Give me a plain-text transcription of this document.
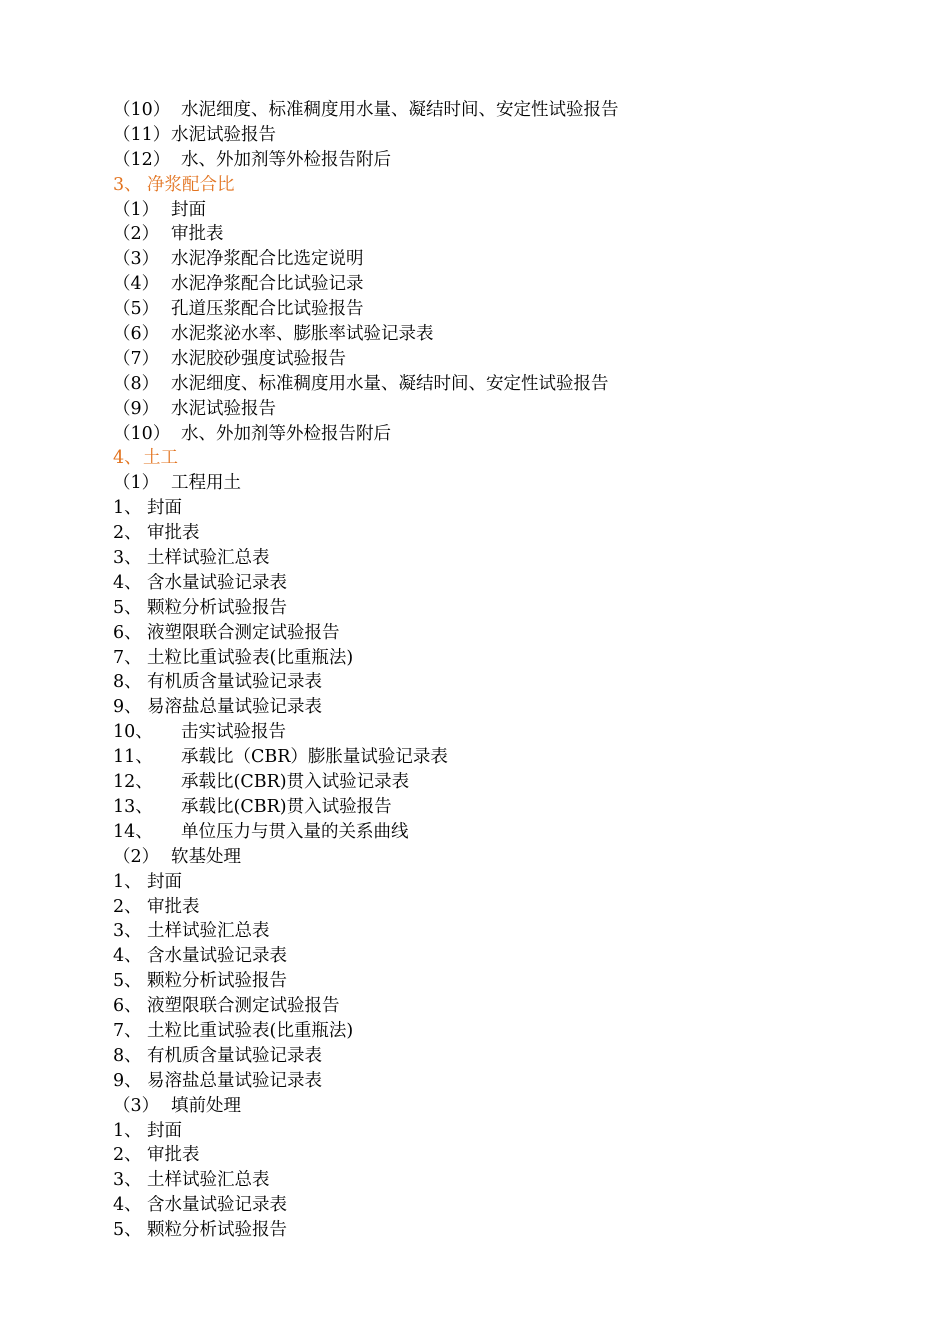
（10） 水泥细度、标准稠度用水量、凝结时间、安定性试验报告
（11） 水泥试验报告
（12） 水、外加剂等外检报告附后
3、 净浆配合比
（1） 封面
（2） 审批表
（3） 水泥净浆配合比选定说明
（4） 水泥净浆配合比试验记录
（5） 孔道压浆配合比试验报告
（6） 水泥浆泌水率、膨胀率试验记录表
（7） 水泥胶砂强度试验报告
（8） 水泥细度、标准稠度用水量、凝结时间、安定性试验报告
（9） 水泥试验报告
（10） 水、外加剂等外检报告附后
4、 土工
（1） 工程用土
1、 封面
2、 审批表
3、 土样试验汇总表
4、 含水量试验记录表
5、 颗粒分析试验报告
6、 液塑限联合测定试验报告
7、 土粒比重试验表(比重瓶法)
8、 有机质含量试验记录表
9、 易溶盐总量试验记录表
10、	击实试验报告
11、	承载比（CBR）膨胀量试验记录表
12、	承载比(CBR)贯入试验记录表
13、	承载比(CBR)贯入试验报告
14、	单位压力与贯入量的关系曲线
（2） 软基处理
1、 封面
2、 审批表
3、 土样试验汇总表
4、 含水量试验记录表
5、 颗粒分析试验报告
6、 液塑限联合测定试验报告
7、 土粒比重试验表(比重瓶法)
8、 有机质含量试验记录表
9、 易溶盐总量试验记录表
（3） 填前处理
1、 封面
2、 审批表
3、 土样试验汇总表
4、 含水量试验记录表
5、 颗粒分析试验报告
